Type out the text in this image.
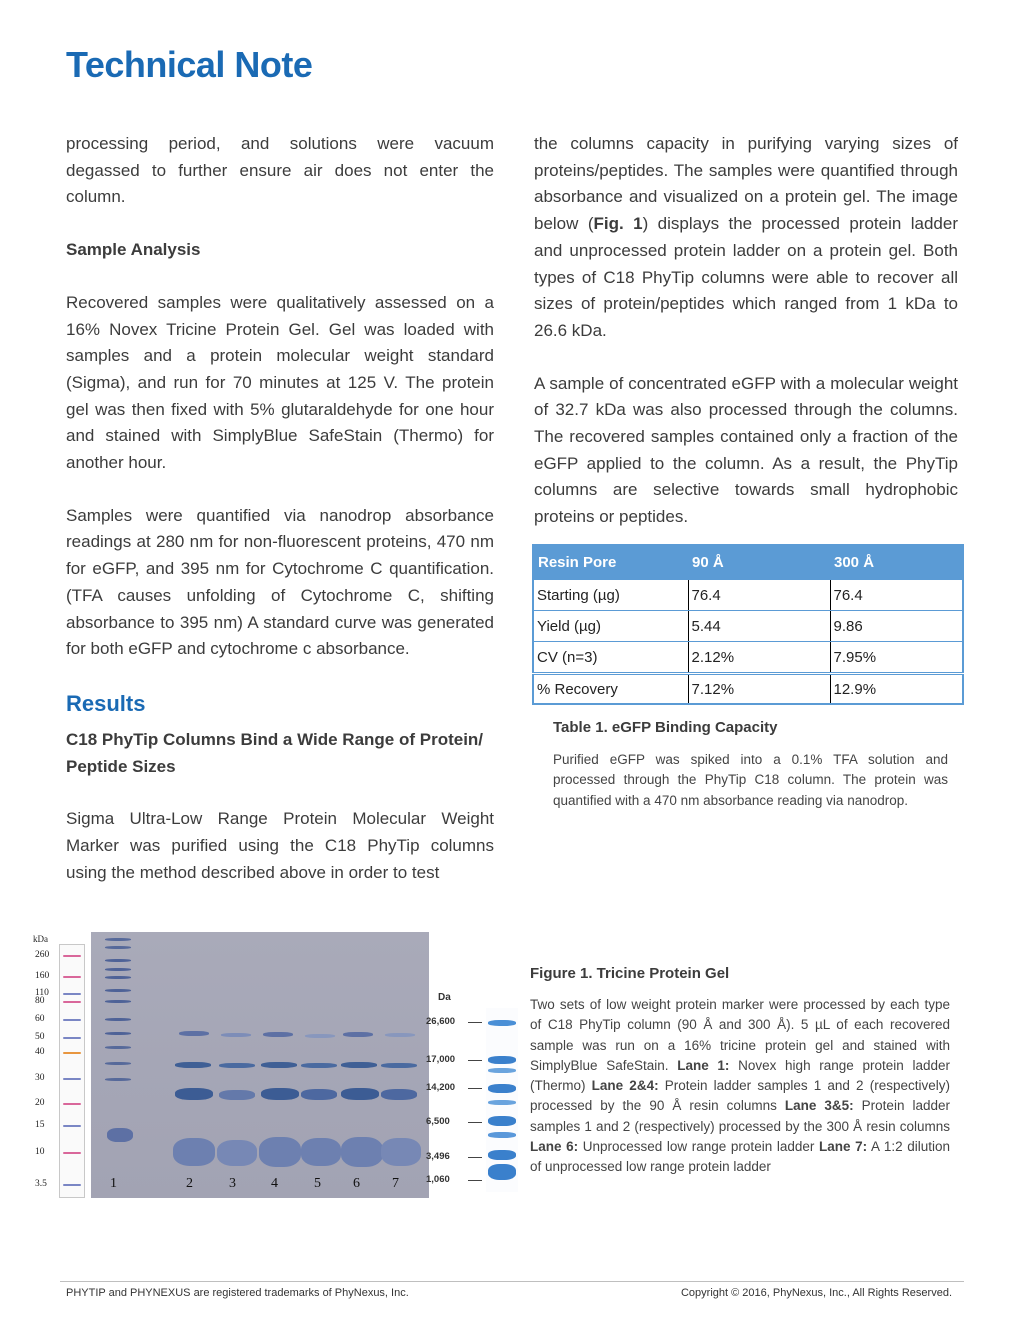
Technical Note

processing period, and solutions were vacuum degassed to further ensure air does not enter the column.

Sample Analysis

Recovered samples were qualitatively assessed on a 16% Novex Tricine Protein Gel. Gel was loaded with samples and a protein molecular weight standard (Sigma), and run for 70 minutes at 125 V. The protein gel was then fixed with 5% glutaraldehyde for one hour and stained with SimplyBlue SafeStain (Thermo) for another hour.

Samples were quantified via nanodrop absorbance readings at 280 nm for non-fluorescent proteins, 470 nm for eGFP, and 395 nm for Cytochrome C quantification. (TFA causes unfolding of Cytochrome C, shifting absorbance to 395 nm) A standard curve was generated for both eGFP and cytochrome c absorbance.

Results

C18 PhyTip Columns Bind a Wide Range of Protein/ Peptide Sizes

Sigma Ultra-Low Range Protein Molecular Weight Marker was purified using the C18 PhyTip columns using the method described above in order to test

the columns capacity in purifying varying sizes of proteins/peptides. The samples were quantified through absorbance and visualized on a protein gel. The image below (Fig. 1) displays the processed protein ladder and unprocessed protein ladder on a protein gel. Both types of C18 PhyTip columns were able to recover all sizes of protein/peptides which ranged from 1 kDa to 26.6 kDa.

A sample of concentrated eGFP with a molecular weight of 32.7 kDa was also processed through the columns. The recovered samples contained only a fraction of the eGFP applied to the column. As a result, the PhyTip columns are selective towards small hydrophobic proteins or peptides.

Resin Pore	90 Å	300 Å
Starting (µg)	76.4	76.4
Yield (µg)	5.44	9.86
CV (n=3)	2.12%	7.95%
% Recovery	7.12%	12.9%
Table 1. eGFP Binding Capacity
Purified eGFP was spiked into a 0.1% TFA solution and processed through the PhyTip C18 column. The protein was quantified with a 470 nm absorbance reading via nanodrop.
kDa
260
160
110
80
60
50
40
30
20
15
10
3.5	1	2	3	4	5 6 7
Da
26,600
17,000
14,200
6,500
3,496
1,060
Figure 1. Tricine Protein Gel
Two sets of low weight protein marker were processed by each type of C18 PhyTip column (90 Å and 300 Å). 5 µL of each recovered sample was run on a 16% tricine protein gel and stained with SimplyBlue SafeStain. Lane 1: Novex high range protein ladder (Thermo) Lane 2&4: Protein ladder samples 1 and 2 (respectively) processed by the 90 Å resin columns Lane 3&5: Protein ladder samples 1 and 2 (respectively) processed by the 300 Å resin columns Lane 6: Unprocessed low range protein ladder Lane 7: A 1:2 dilution of unprocessed low range protein ladder
PHYTIP and PHYNEXUS are registered trademarks of PhyNexus, Inc.	Copyright © 2016, PhyNexus, Inc., All Rights Reserved.
